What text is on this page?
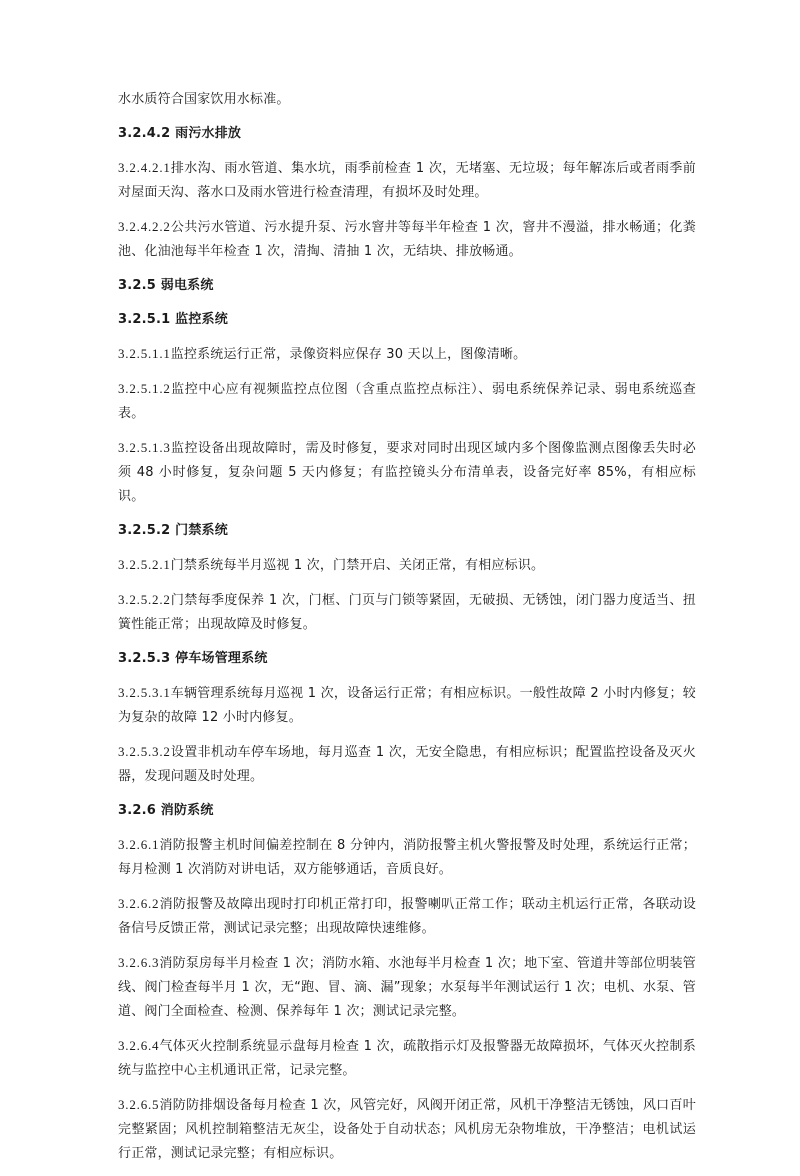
水水质符合国家饮用水标准。
3.2.4.2 雨污水排放
3.2.4.2.1排水沟、雨水管道、集水坑，雨季前检查 1 次，无堵塞、无垃圾；每年解冻后或者雨季前对屋面天沟、落水口及雨水管进行检查清理，有损坏及时处理。
3.2.4.2.2公共污水管道、污水提升泵、污水窨井等每半年检查 1 次，窨井不漫溢，排水畅通；化粪池、化油池每半年检查 1 次，清掏、清抽 1 次，无结块、排放畅通。
3.2.5 弱电系统
3.2.5.1 监控系统
3.2.5.1.1监控系统运行正常，录像资料应保存 30 天以上，图像清晰。
3.2.5.1.2监控中心应有视频监控点位图（含重点监控点标注）、弱电系统保养记录、弱电系统巡查表。
3.2.5.1.3监控设备出现故障时，需及时修复，要求对同时出现区域内多个图像监测点图像丢失时必须 48 小时修复，复杂问题 5 天内修复；有监控镜头分布清单表，设备完好率 85%，有相应标识。
3.2.5.2 门禁系统
3.2.5.2.1门禁系统每半月巡视 1 次，门禁开启、关闭正常，有相应标识。
3.2.5.2.2门禁每季度保养 1 次，门框、门页与门锁等紧固，无破损、无锈蚀，闭门器力度适当、扭簧性能正常；出现故障及时修复。
3.2.5.3 停车场管理系统
3.2.5.3.1车辆管理系统每月巡视 1 次，设备运行正常；有相应标识。一般性故障 2 小时内修复；较为复杂的故障 12 小时内修复。
3.2.5.3.2设置非机动车停车场地，每月巡查 1 次，无安全隐患，有相应标识；配置监控设备及灭火器，发现问题及时处理。
3.2.6 消防系统
3.2.6.1消防报警主机时间偏差控制在 8 分钟内，消防报警主机火警报警及时处理，系统运行正常；每月检测 1 次消防对讲电话，双方能够通话，音质良好。
3.2.6.2消防报警及故障出现时打印机正常打印，报警喇叭正常工作；联动主机运行正常，各联动设备信号反馈正常，测试记录完整；出现故障快速维修。
3.2.6.3消防泵房每半月检查 1 次；消防水箱、水池每半月检查 1 次；地下室、管道井等部位明装管线、阀门检查每半月 1 次，无“跑、冒、滴、漏”现象；水泵每半年测试运行 1 次；电机、水泵、管道、阀门全面检查、检测、保养每年 1 次；测试记录完整。
3.2.6.4气体灭火控制系统显示盘每月检查 1 次，疏散指示灯及报警器无故障损坏，气体灭火控制系统与监控中心主机通讯正常，记录完整。
3.2.6.5消防防排烟设备每月检查 1 次，风管完好，风阀开闭正常，风机干净整洁无锈蚀，风口百叶完整紧固；风机控制箱整洁无灰尘，设备处于自动状态；风机房无杂物堆放，干净整洁；电机试运行正常，测试记录完整；有相应标识。
